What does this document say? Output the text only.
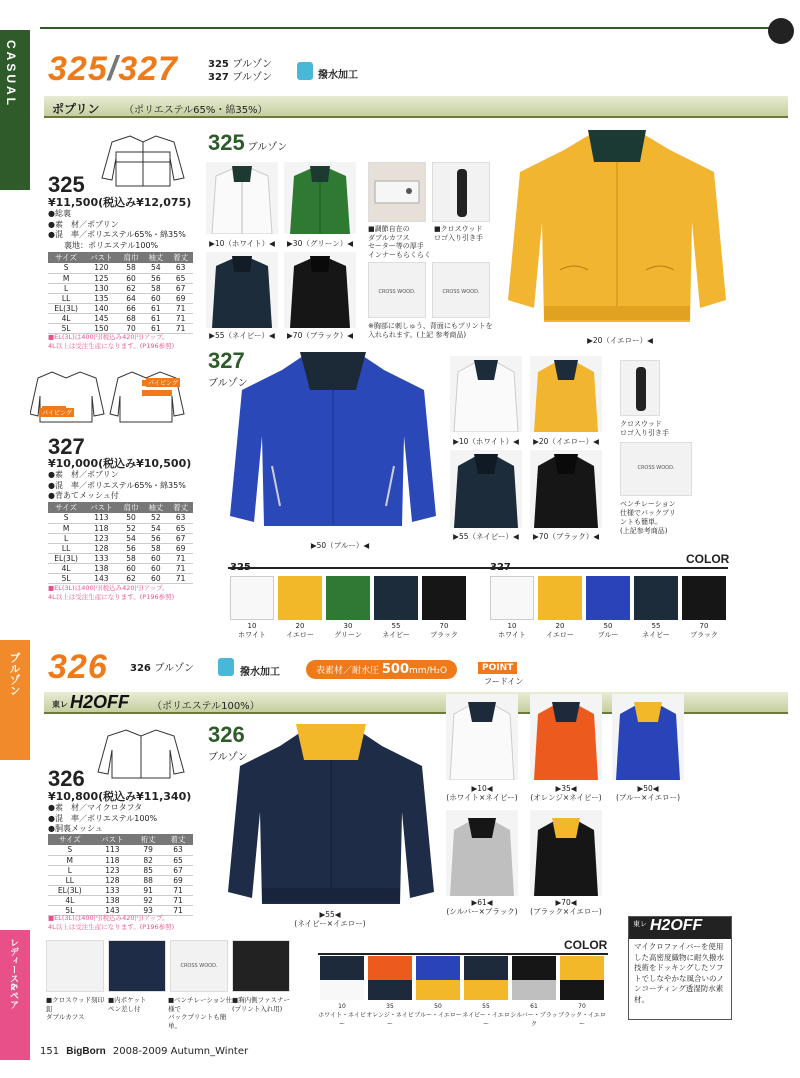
CASUAL
ブルゾン
レディース&ペア
325/327	325 ブルゾン
327 ブルゾン	撥水加工
ポプリン （ポリエステル65%・綿35%）
325
¥11,500(税込み¥12,075)
●総裏
●素　材／ポプリン
●混　率／ポリエステル65%・綿35%
　　裏地：ポリエステル100%
サイズ	バスト	肩巾	袖丈	着丈
S	120	58	54	63
M	125	60	56	65
L	130	62	58	67
LL	135	64	60	69
EL(3L)	140	66	61	71
4L	145	68	61	71
5L	150	70	61	71
■EL(3L)は400円(税込み420円)アップ。
4L以上は受注生産になります。(P196参照)
パイピング
パイピング
327
¥10,000(税込み¥10,500)
●素　材／ポプリン
●混　率／ポリエステル65%・綿35%
●背あてメッシュ付
サイズ	バスト	肩巾	袖丈	着丈
S	113	50	52	63
M	118	52	54	65
L	123	54	56	67
LL	128	56	58	69
EL(3L)	133	58	60	71
4L	138	60	60	71
5L	143	62	60	71
■EL(3L)は400円(税込み420円)アップ。
4L以上は受注生産になります。(P196参照)
325 ブルゾン
▶10（ホワイト）◀	▶30（グリーン）◀
▶55（ネイビー）◀	▶70（ブラック）◀
■調節自在の
ダブルカフス
セーター等の厚手
インナーもらくらく
■クロスウッド
ロゴ入り引き手
CROSS WOOD.	CROSS WOOD.
※胸部に刺しゅう、背面にもプリントを
入れられます。(上記 参考商品)
▶20（イエロー）◀
327
ブルゾン
▶50（ブルー）◀
▶10（ホワイト）◀	▶20（イエロー）◀
▶55（ネイビー）◀	▶70（ブラック）◀
クロスウッド
ロゴ入り引き手
CROSS WOOD.
ベンチレーション
仕様でバックプリ
ントも簡単。
(上記参考商品)
COLOR
325	327
10
ホワイト
20
イエロー
30
グリーン
55
ネイビー
70
ブラック
10
ホワイト
20
イエロー
50
ブルー
55
ネイビー
70
ブラック
326 326 ブルゾン	撥水加工	表素材／耐水圧 500mm/H₂O	POINT
フードイン
東レ H2OFF （ポリエステル100%）
326
¥10,800(税込み¥11,340)
●素　材／マイクロタフタ
●混　率／ポリエステル100%
●胴裏メッシュ
サイズ	バスト	裄丈	着丈
S	113	79	63
M	118	82	65
L	123	85	67
LL	128	88	69
EL(3L)	133	91	71
4L	138	92	71
5L	143	93	71
■EL(3L)は400円(税込み420円)アップ。
4L以上は受注生産になります。(P196参照)
326
ブルゾン
▶55◀
(ネイビー×イエロー)
▶10◀
(ホワイト×ネイビー)
▶35◀
(オレンジ×ネイビー)
▶50◀
(ブルー×イエロー)
▶61◀
(シルバー×ブラック)
▶70◀
(ブラック×イエロー)
CROSS WOOD.
■クロスウッド刻印釦
ダブルカフス
■内ポケット
ペン差し付
■ベンチレーション仕様で
バックプリントも簡単。
■胸内側ファスナー
(プリント入れ用)
COLOR
10
ホワイト・ネイビー
35
オレンジ・ネイビー
50
ブルー・イエロー
55
ネイビー・イエロー
61
シルバー・ブラック
70
ブラック・イエロー
$^{東レ}$ H2OFF
マイクロファイバーを使用した高密度織物に耐久撥水技術をドッキングしたソフトでしなやかな風合いのノンコーティング透湿防水素材。
151 BigBorn 2008-2009 Autumn_Winter
